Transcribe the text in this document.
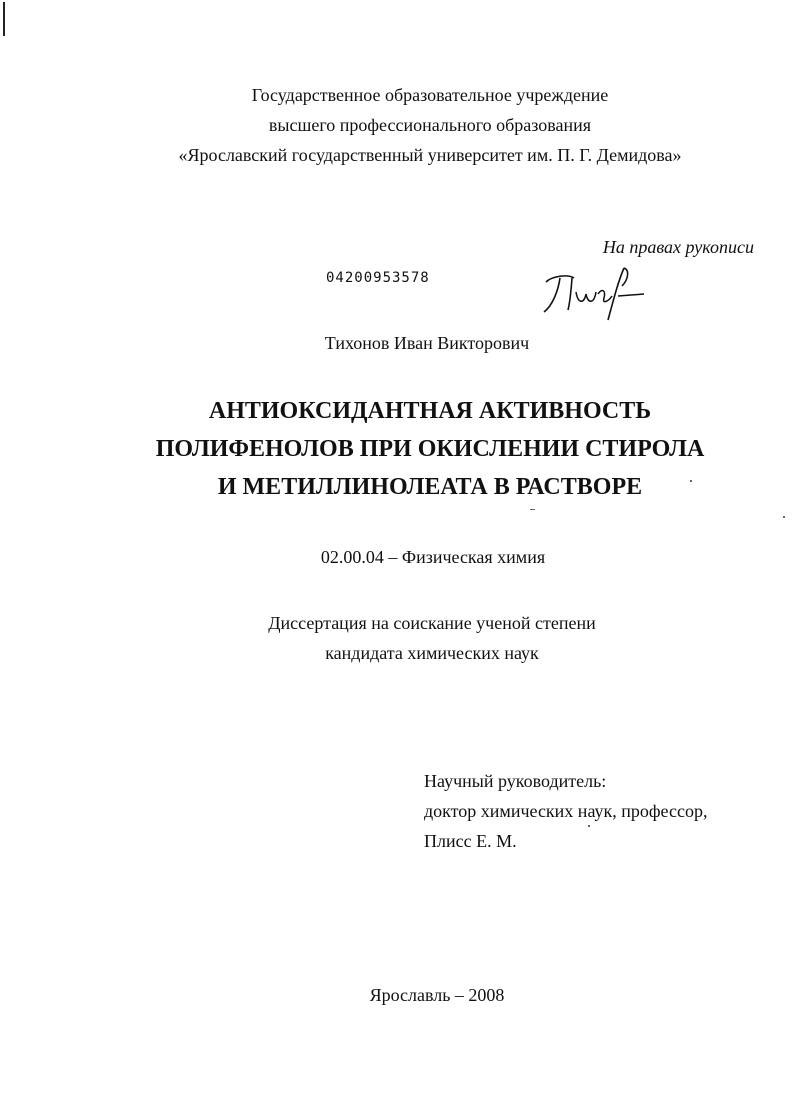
Государственное образовательное учреждение
высшего профессионального образования
«Ярославский государственный университет им. П. Г. Демидова»
На правах рукописи
04200953578
Тихонов Иван Викторович
АНТИОКСИДАНТНАЯ АКТИВНОСТЬ
ПОЛИФЕНОЛОВ ПРИ ОКИСЛЕНИИ СТИРОЛА
И МЕТИЛЛИНОЛЕАТА В РАСТВОРЕ
02.00.04 – Физическая химия
Диссертация на соискание ученой степени
кандидата химических наук
Научный руководитель:
доктор химических наук, профессор,
Плисс Е. М.
Ярославль – 2008
